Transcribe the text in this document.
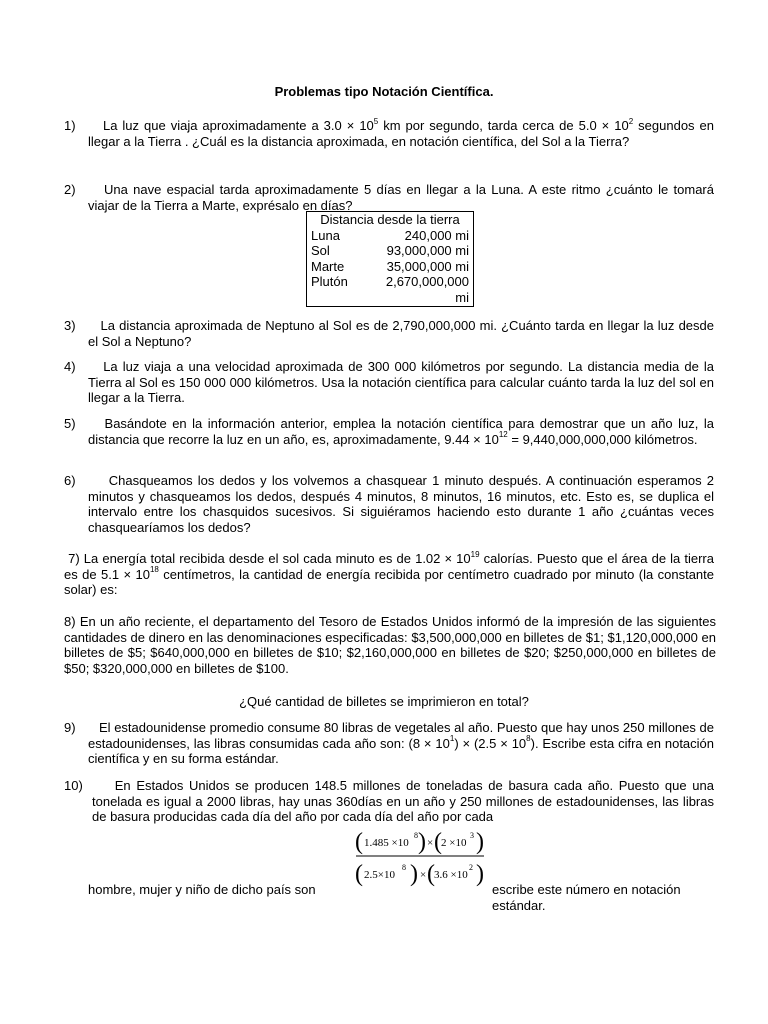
Problemas tipo Notación Científica.
1)	La luz que viaja aproximadamente a $3.0 \times 10^5$ km por segundo, tarda cerca de $5.0 \times 10^2$ segundos en llegar a la Tierra . ¿Cuál es la distancia aproximada, en notación científica, del Sol a la Tierra?
2)	Una nave espacial tarda aproximadamente 5 días en llegar a la Luna. A este ritmo ¿cuánto le tomará viajar de la Tierra a Marte, exprésalo en días?
Distancia desde la tierra
Luna	240,000 mi
Sol	93,000,000 mi
Marte	35,000,000 mi
Plutón	2,670,000,000
mi
3)	La distancia aproximada de Neptuno al Sol es de 2,790,000,000 mi. ¿Cuánto tarda en llegar la luz desde el Sol a Neptuno?
4)	La luz viaja a una velocidad aproximada de 300 000 kilómetros por segundo. La distancia media de la Tierra al Sol es 150 000 000 kilómetros. Usa la notación científica para calcular cuánto tarda la luz del sol en llegar a la Tierra.
5)	Basándote en la información anterior, emplea la notación científica para demostrar que un año luz, la distancia que recorre la luz en un año, es, aproximadamente, $9.44 \times 10^{12} = 9,440,000,000,000$ kilómetros.
6)	Chasqueamos los dedos y los volvemos a chasquear 1 minuto después. A continuación esperamos 2 minutos y chasqueamos los dedos, después 4 minutos, 8 minutos, 16 minutos, etc. Esto es, se duplica el intervalo entre los chasquidos sucesivos. Si siguiéramos haciendo esto durante 1 año ¿cuántas veces chasquearíamos los dedos?
7) La energía total recibida desde el sol cada minuto es de $1.02 \times 10^{19}$ calorías. Puesto que el área de la tierra es de $5.1 \times 10^{18}$ centímetros, la cantidad de energía recibida por centímetro cuadrado por minuto (la constante solar) es:
8) En un año reciente, el departamento del Tesoro de Estados Unidos informó de la impresión de las siguientes cantidades de dinero en las denominaciones especificadas: $3,500,000,000 en billetes de $1; $1,120,000,000 en billetes de $5; $640,000,000 en billetes de $10; $2,160,000,000 en billetes de $20; $250,000,000 en billetes de $50; $320,000,000 en billetes de $100.
¿Qué cantidad de billetes se imprimieron en total?
9)	El estadounidense promedio consume 80 libras de vegetales al año. Puesto que hay unos 250 millones de estadounidenses, las libras consumidas cada año son: $(8 \times 10^1) \times (2.5 \times 10^8)$. Escribe esta cifra en notación científica y en su forma estándar.
10)	En Estados Unidos se producen 148.5 millones de toneladas de basura cada año. Puesto que una tonelada es igual a 2000 libras, hay unas 360días en un año y 250 millones de estadounidenses, las libras de basura producidas cada día del año por cada día del año por cada
( 1.485 ×10
8 ) × ( 2 ×10
3 )
( 2.5×10
8 ) × ( 3.6 ×10
2 )
hombre, mujer y niño de dicho país son	escribe este número en notación estándar.
